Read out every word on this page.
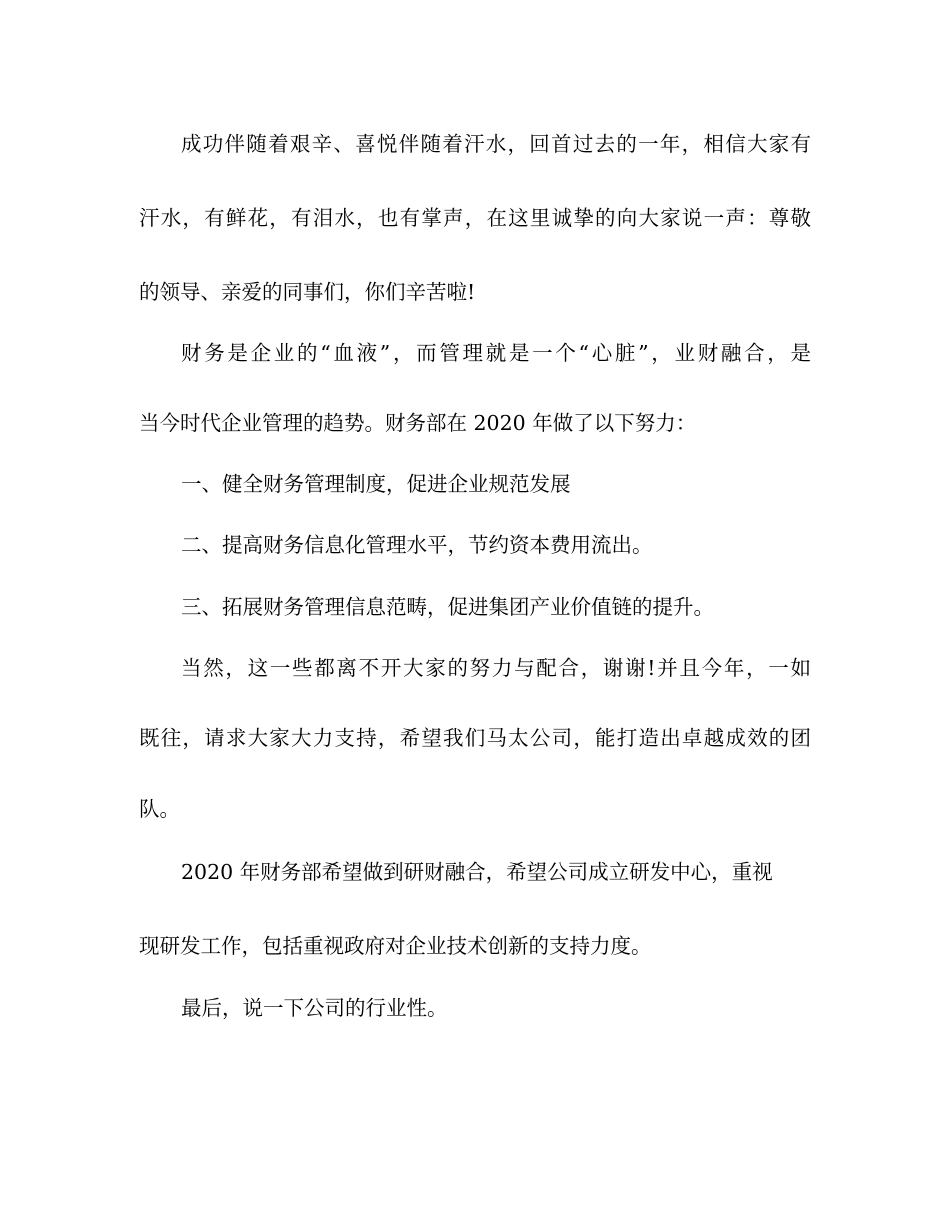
成功伴随着艰辛、喜悦伴随着汗水，回首过去的一年，相信大家有

汗水，有鲜花，有泪水，也有掌声，在这里诚挚的向大家说一声：尊敬

的领导、亲爱的同事们，你们辛苦啦!

财务是企业的“血液”，而管理就是一个“心脏”，业财融合，是

当今时代企业管理的趋势。财务部在 2020 年做了以下努力：

一、健全财务管理制度，促进企业规范发展

二、提高财务信息化管理水平，节约资本费用流出。

三、拓展财务管理信息范畴，促进集团产业价值链的提升。

当然，这一些都离不开大家的努力与配合，谢谢!并且今年，一如

既往，请求大家大力支持，希望我们马太公司，能打造出卓越成效的团

队。

2020 年财务部希望做到研财融合，希望公司成立研发中心，重视

现研发工作，包括重视政府对企业技术创新的支持力度。

最后，说一下公司的行业性。
